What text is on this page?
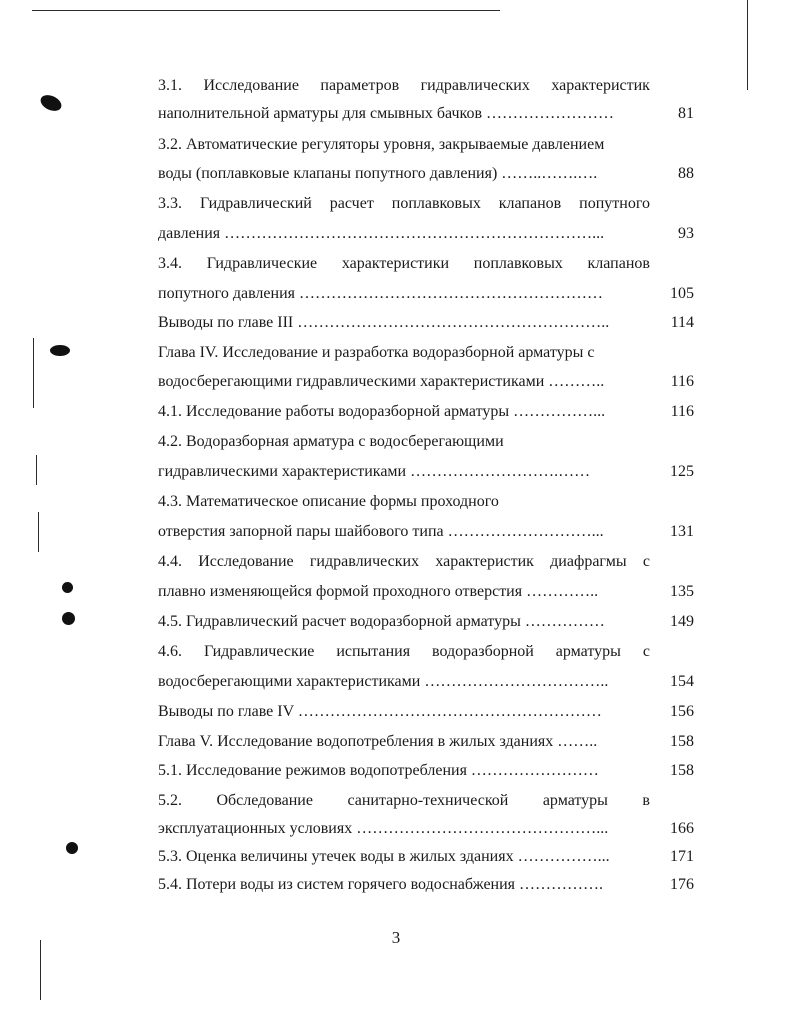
3.1. Исследование параметров гидравлических характеристик
наполнительной арматуры для смывных бачков ……………………	81
3.2. Автоматические регуляторы уровня, закрываемые давлением
воды (поплавковые клапаны попутного давления) ……..…….….	88
3.3. Гидравлический расчет поплавковых клапанов попутного
давления ……………………………………………………………...	93
3.4. Гидравлические характеристики поплавковых клапанов
попутного давления …………………………………………………	105
Выводы по главе III …………………………………………………..	114
Глава IV. Исследование и разработка водоразборной арматуры с
водосберегающими гидравлическими характеристиками ………..	116
4.1. Исследование работы водоразборной арматуры ……………...	116
4.2. Водоразборная арматура с водосберегающими
гидравлическими характеристиками ……………………….……	125
4.3. Математическое описание формы проходного
отверстия запорной пары шайбового типа ………………………...	131
4.4. Исследование гидравлических характеристик диафрагмы с
плавно изменяющейся формой проходного отверстия …………..	135
4.5. Гидравлический расчет водоразборной арматуры ……………	149
4.6. Гидравлические испытания водоразборной арматуры с
водосберегающими характеристиками ……………………………..	154
Выводы по главе IV …………………………………………………	156
Глава V. Исследование водопотребления в жилых зданиях ……..	158
5.1. Исследование режимов водопотребления ……………………	158
5.2. Обследование санитарно-технической арматуры в
эксплуатационных условиях ………………………………………...	166
5.3. Оценка величины утечек воды в жилых зданиях ……………...	171
5.4. Потери воды из систем горячего водоснабжения …………….	176
3
